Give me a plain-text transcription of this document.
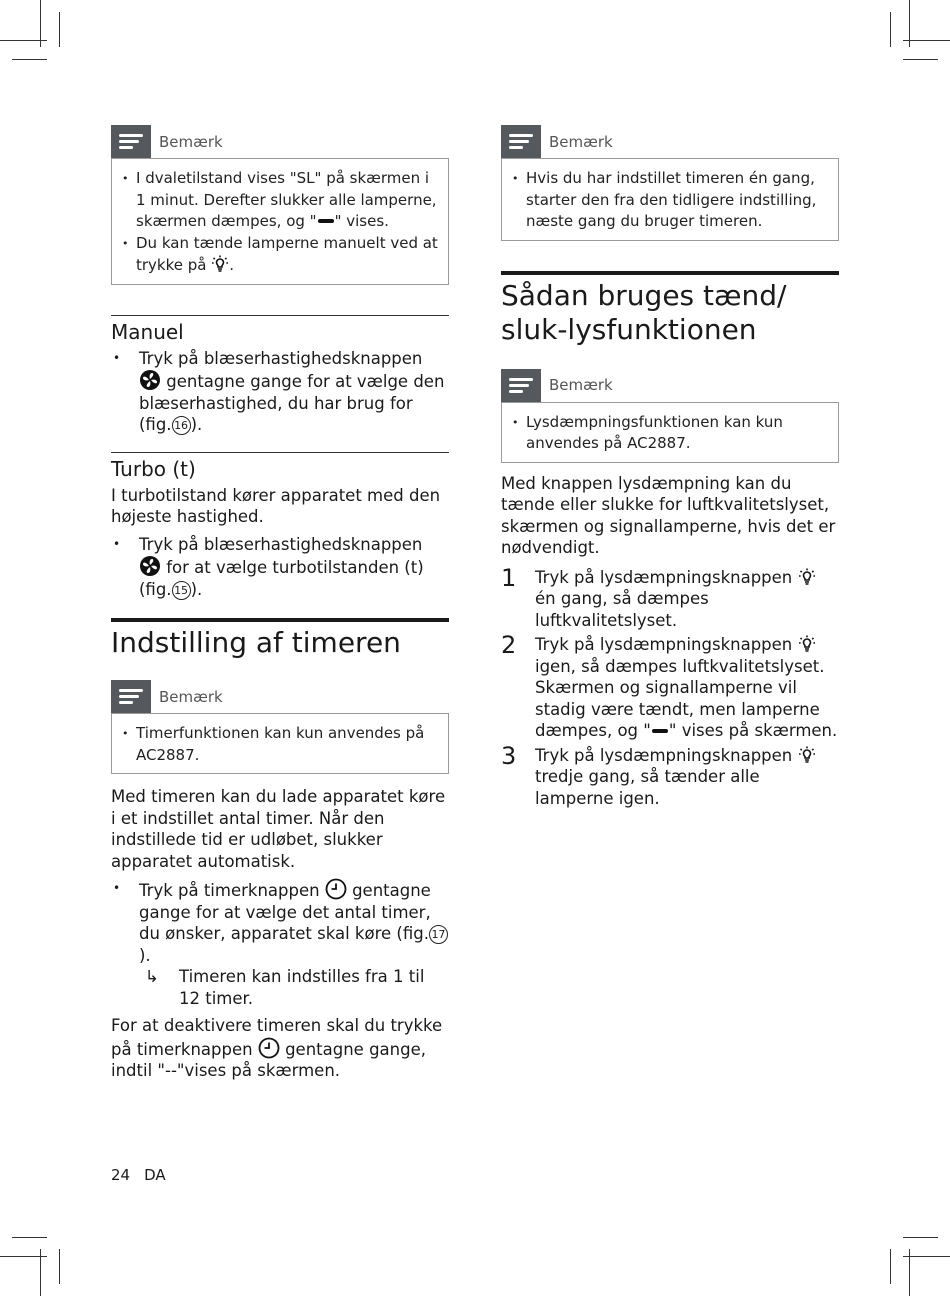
Bemærk
• I dvaletilstand vises "SL" på skærmen i 1 minut. Derefter slukker alle lamperne, skærmen dæmpes, og " " vises.
• Du kan tænde lamperne manuelt ved at trykke på .
Manuel
• Tryk på blæserhastighedsknappen  gentagne gange for at vælge den blæserhastighed, du har brug for (fig. 16 ).
Turbo (t)

I turbotilstand kører apparatet med den højeste hastighed.

• Tryk på blæserhastighedsknappen  for at vælge turbotilstanden (t) (fig. 15 ).
Indstilling af timeren
Bemærk
• Timerfunktionen kan kun anvendes på AC2887.

Med timeren kan du lade apparatet køre i et indstillet antal timer. Når den indstillede tid er udløbet, slukker apparatet automatisk.

• Tryk på timerknappen  gentagne gange for at vælge det antal timer, du ønsker, apparatet skal køre (fig. 17).
↳ Timeren kan indstilles fra 1 til 12 timer.

For at deaktivere timeren skal du trykke på timerknappen  gentagne gange, indtil "--"vises på skærmen.

Bemærk
• Hvis du har indstillet timeren én gang, starter den fra den tidligere indstilling, næste gang du bruger timeren.
Sådan bruges tænd/ sluk-lysfunktionen
Bemærk
• Lysdæmpningsfunktionen kan kun anvendes på AC2887.

Med knappen lysdæmpning kan du tænde eller slukke for luftkvalitetslyset, skærmen og signallamperne, hvis det er nødvendigt.

1 Tryk på lysdæmpningsknappen  én gang, så dæmpes luftkvalitetslyset.
2 Tryk på lysdæmpningsknappen  igen, så dæmpes luftkvalitetslyset. Skærmen og signallamperne vil stadig være tændt, men lamperne dæmpes, og " " vises på skærmen.
3 Tryk på lysdæmpningsknappen  tredje gang, så tænder alle lamperne igen.
24 DA
